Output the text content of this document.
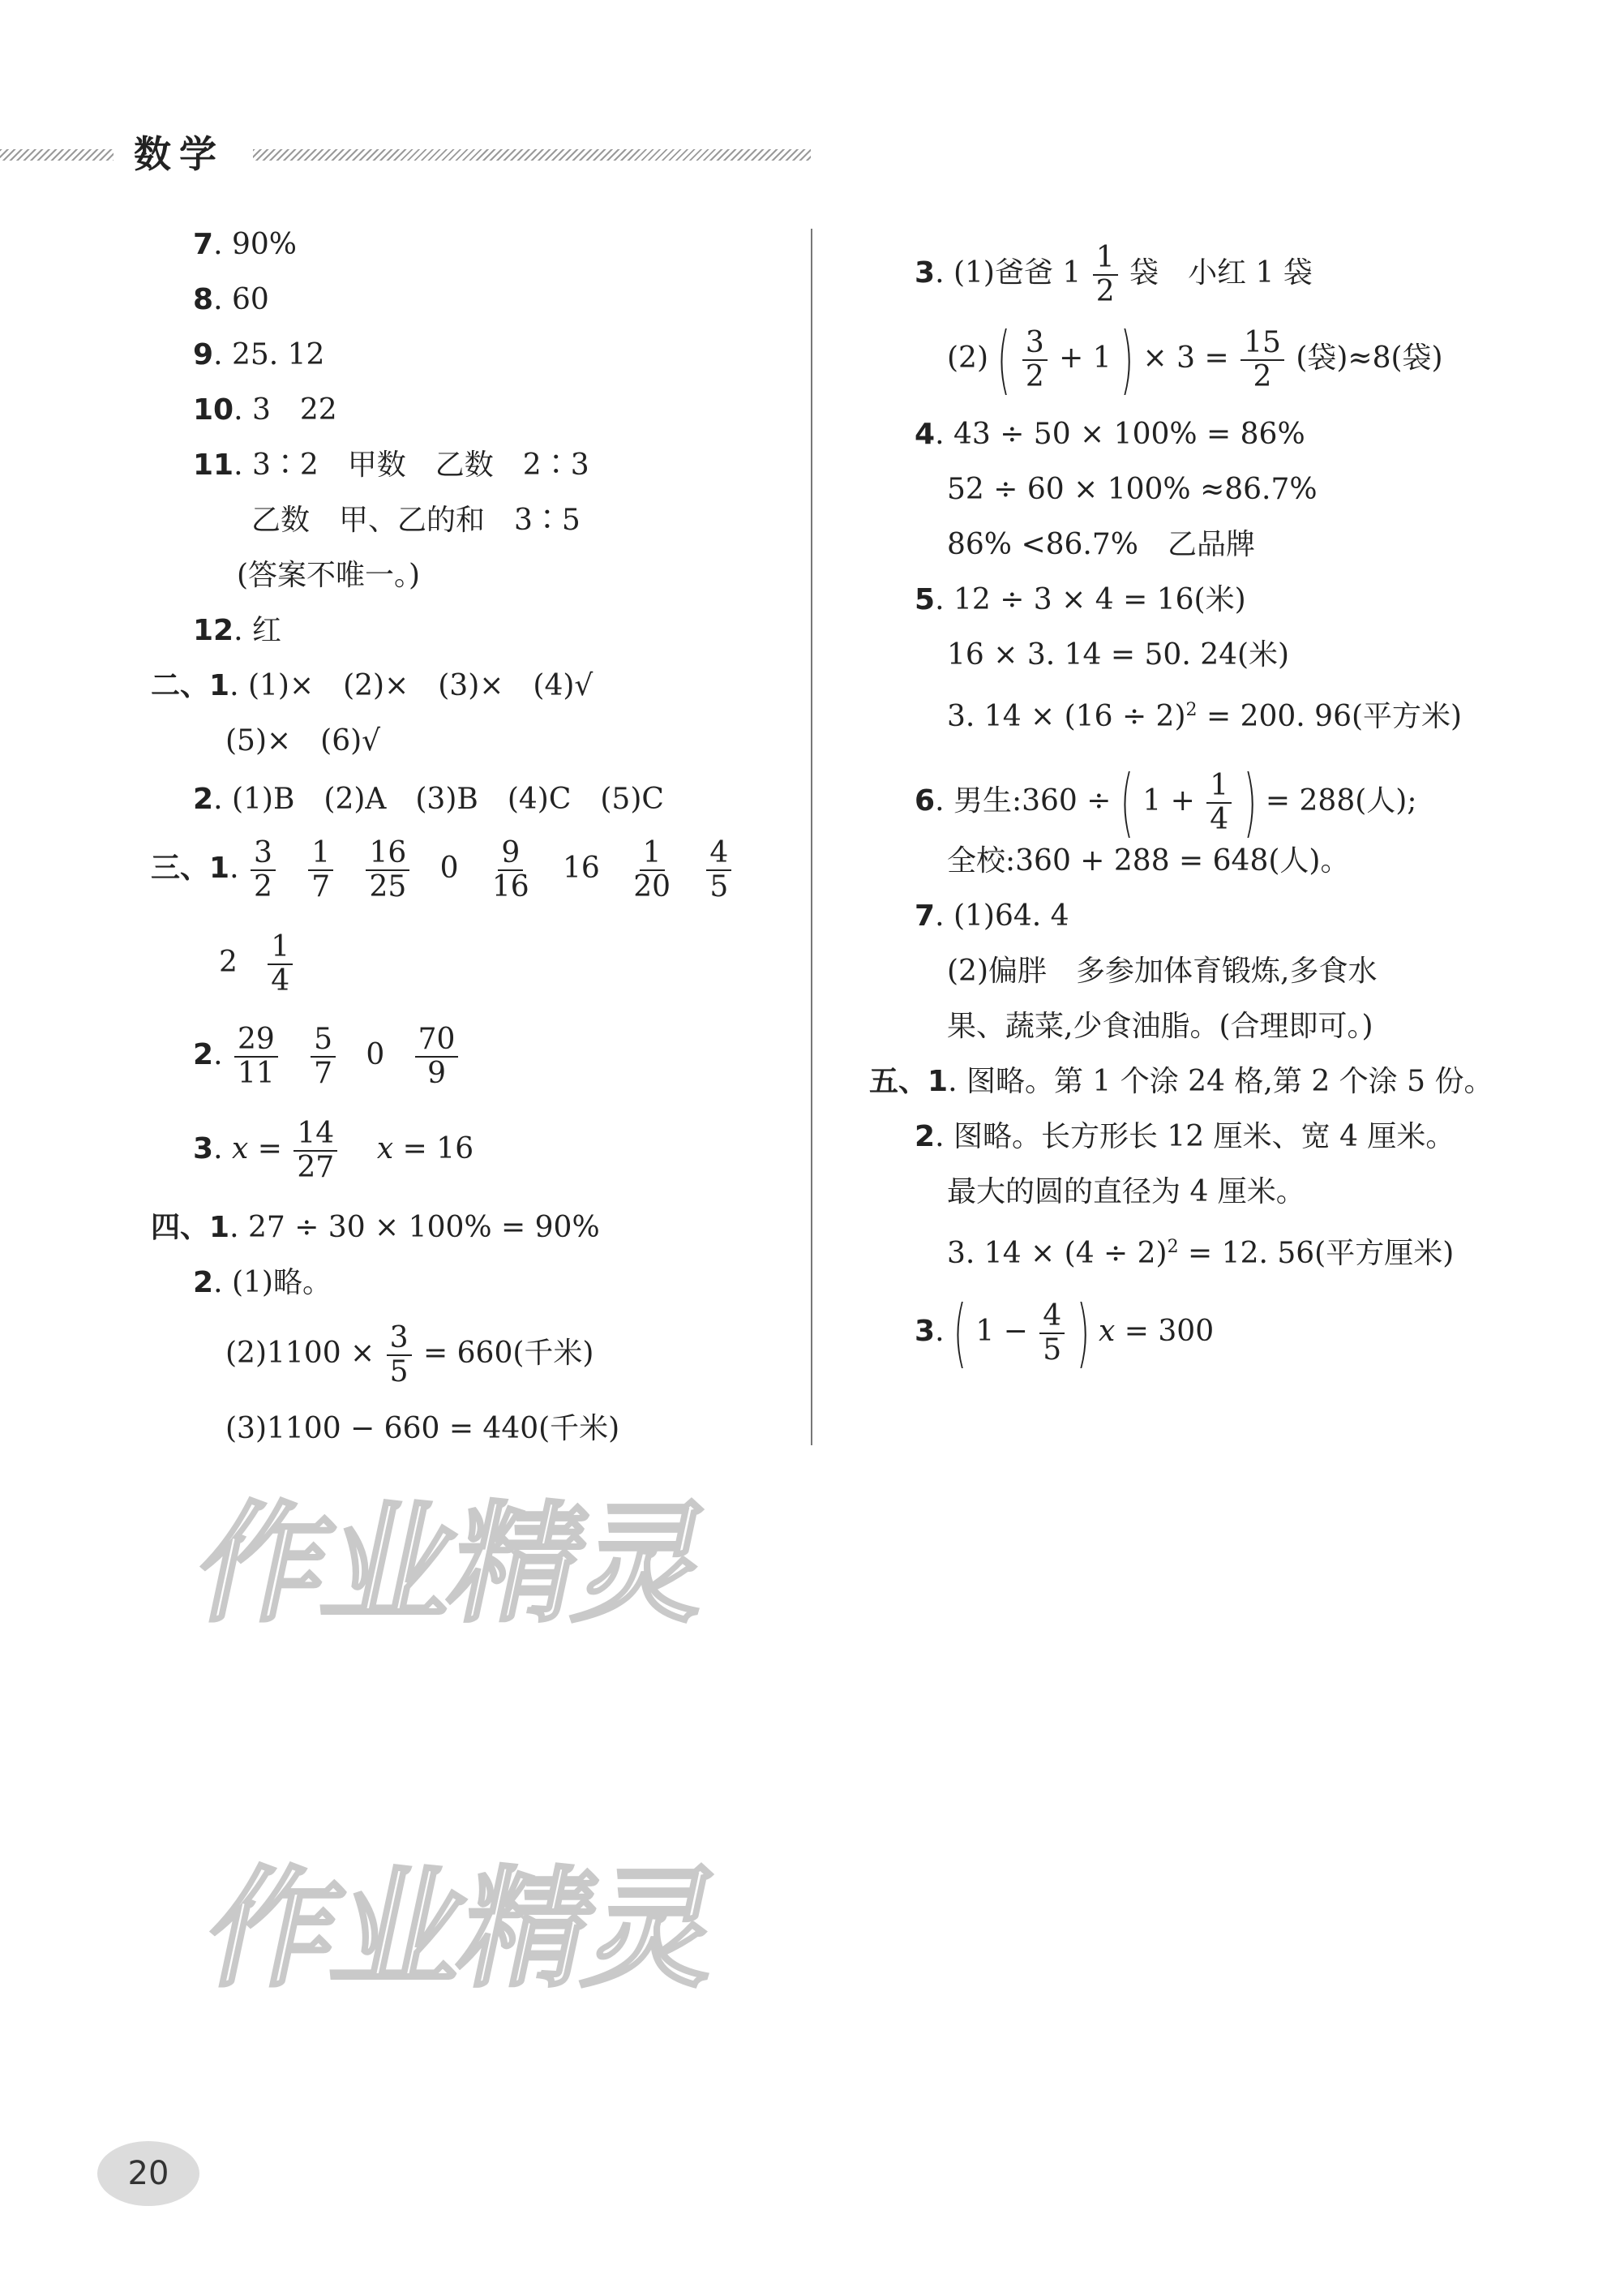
数学
7. 90%
8. 60
9. 25. 12
10. 3　22
11. 3∶2　甲数　乙数　2∶3
乙数　甲、乙的和　3∶5
(答案不唯一。)
12. 红
二、1. (1)×　(2)×　(3)×　(4)√
(5)×　(6)√
2. (1)B　(2)A　(3)B　(4)C　(5)C
三、1. $\frac{3}{2}$
$\frac{1}{7}$
$\frac{16}{25} 0 \frac{9}{16} 16 \frac{1}{20}$
$\frac{4}{5}$
$2 \frac{1}{4}$
2. $\frac{29}{11}$
$\frac{5}{7} 0 \frac{70}{9}$
3. $x = \frac{14}{27}$ x = 16
四、1. 27 ÷ 30 × 100% = 90%
2. (1)略。
$(2)1100 \times \frac{3}{5} = 660$(千米)
(3)1100 − 660 = 440(千米)
3. (1)爸爸 $1 \frac{1}{2}$ 袋　小红 1 袋
(2) ( $\frac{3}{2} + 1$ ) × $3 = \frac{15}{2}$ (袋)≈8(袋)
4. 43 ÷ 50 × 100% = 86%
52 ÷ 60 × 100% ≈86.7%
86% <86.7%　乙品牌
5. 12 ÷ 3 × 4 = 16(米)
16 × 3. 14 = 50. 24(米)
3. $14 \times (16 \div 2)^2 = 200$. 96(平方米)
6. 男生:360 ÷ ( $1 + \frac{1}{4}$ ) = 288(人);
全校:360 + 288 = 648(人)。
7. (1)64. 4
(2)偏胖　多参加体育锻炼,多食水
果、蔬菜,少食油脂。(合理即可。)
五、1. 图略。第 1 个涂 24 格,第 2 个涂 5 份。
2. 图略。长方形长 12 厘米、宽 4 厘米。
最大的圆的直径为 4 厘米。
3. $14 \times (4 \div 2)^2 = 12$. 56(平方厘米)
3. ( $1 - \frac{4}{5}$ ) x = 300
作业精灵
作业精灵
20
